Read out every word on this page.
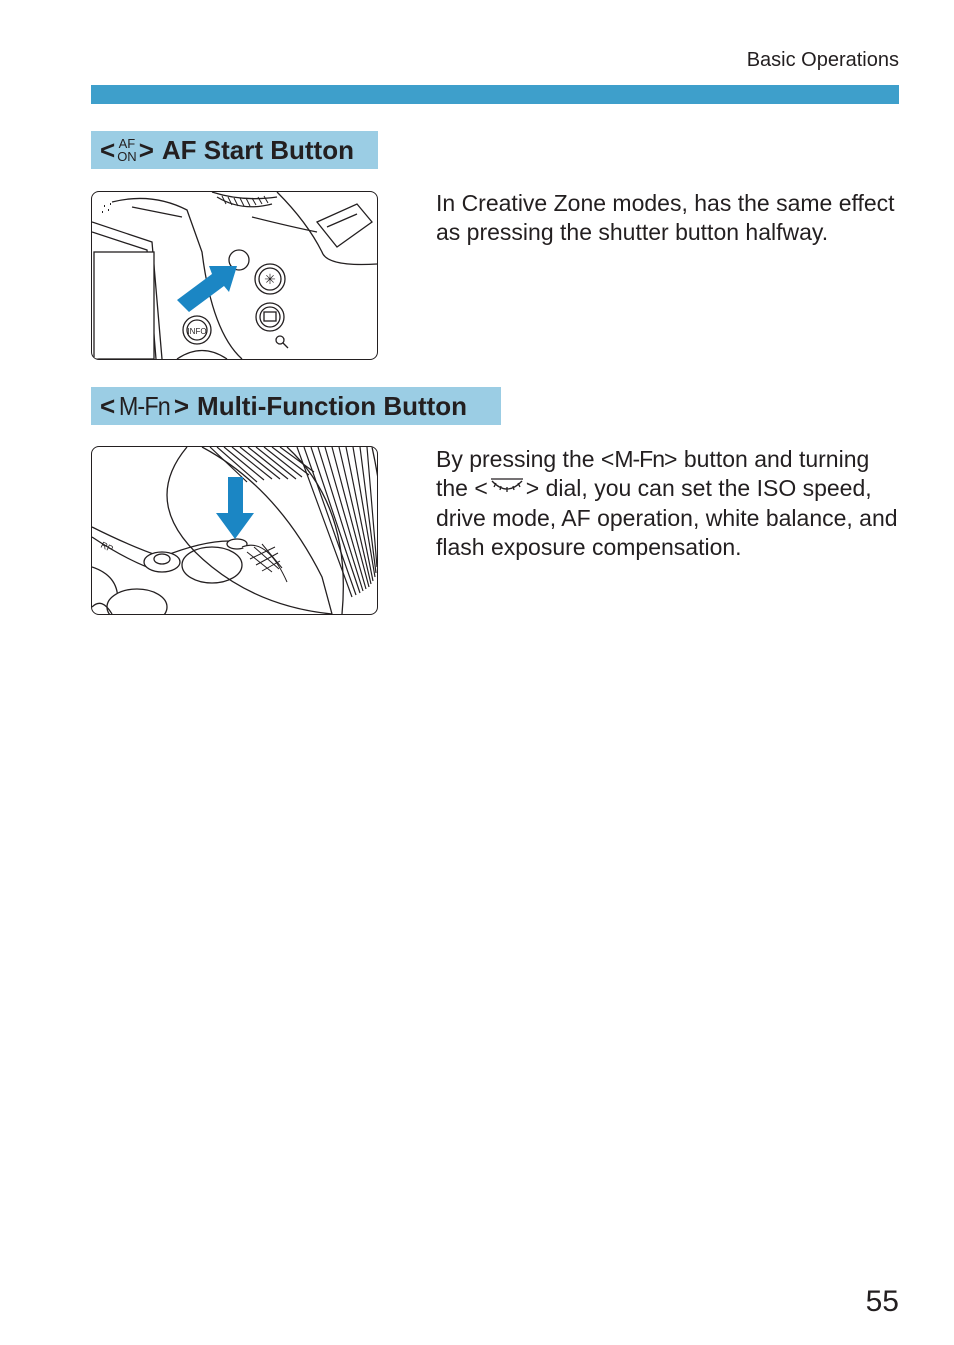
Basic Operations
< AF
ON > AF Start Button
✳
INFO
In Creative Zone modes, has the same effect as pressing the shutter button halfway.
< M-Fn > Multi-Function Button
RP
By pressing the <M-Fn> button and turning the < > dial, you can set the ISO speed, drive mode, AF operation, white balance, and flash exposure compensation.
55
